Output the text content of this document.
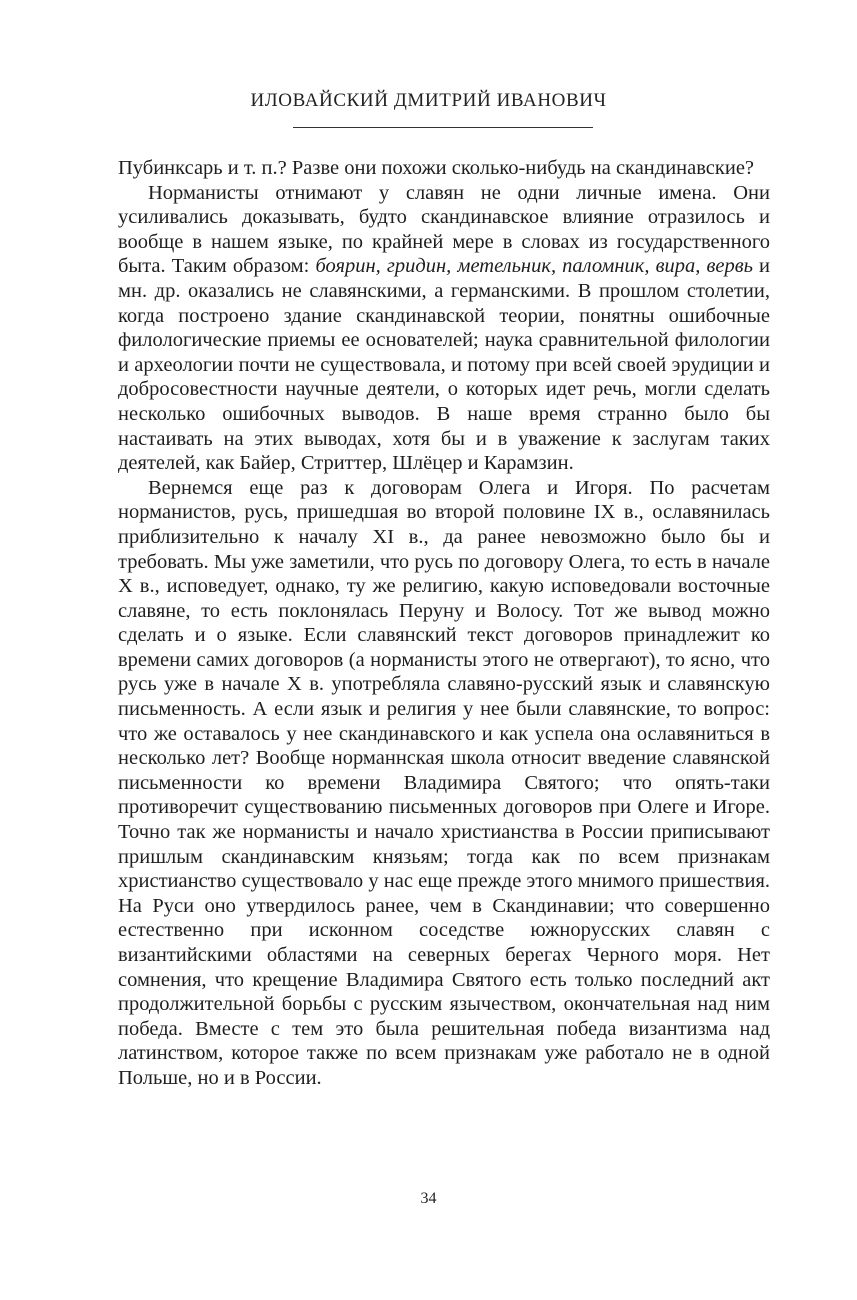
ИЛОВАЙСКИЙ ДМИТРИЙ ИВАНОВИЧ

Пубинксарь и т. п.? Разве они похожи сколько-нибудь на скандинавские?

Норманисты отнимают у славян не одни личные имена. Они усиливались доказывать, будто скандинавское влияние отразилось и вообще в нашем языке, по крайней мере в словах из государственного быта. Таким образом: боярин, гридин, метельник, паломник, вира, вервь и мн. др. оказались не славянскими, а германскими. В прошлом столетии, когда построено здание скандинавской теории, понятны ошибочные филологические приемы ее основателей; наука сравнительной филологии и археологии почти не существовала, и потому при всей своей эрудиции и добросовестности научные деятели, о которых идет речь, могли сделать несколько ошибочных выводов. В наше время странно было бы настаивать на этих выводах, хотя бы и в уважение к заслугам таких деятелей, как Байер, Стриттер, Шлёцер и Карамзин.

Вернемся еще раз к договорам Олега и Игоря. По расчетам норманистов, русь, пришедшая во второй половине IX в., ославянилась приблизительно к началу XI в., да ранее невозможно было бы и требовать. Мы уже заметили, что русь по договору Олега, то есть в начале X в., исповедует, однако, ту же религию, какую исповедовали восточные славяне, то есть поклонялась Перуну и Волосу. Тот же вывод можно сделать и о языке. Если славянский текст договоров принадлежит ко времени самих договоров (а норманисты этого не отвергают), то ясно, что русь уже в начале X в. употребляла славяно-русский язык и славянскую письменность. А если язык и религия у нее были славянские, то вопрос: что же оставалось у нее скандинавского и как успела она ославяниться в несколько лет? Вообще норманнская школа относит введение славянской письменности ко времени Владимира Святого; что опять-таки противоречит существованию письменных договоров при Олеге и Игоре. Точно так же норманисты и начало христианства в России приписывают пришлым скандинавским князьям; тогда как по всем признакам христианство существовало у нас еще прежде этого мнимого пришествия. На Руси оно утвердилось ранее, чем в Скандинавии; что совершенно естественно при исконном соседстве южнорусских славян с византийскими областями на северных берегах Черного моря. Нет сомнения, что крещение Владимира Святого есть только последний акт продолжительной борьбы с русским язычеством, окончательная над ним победа. Вместе с тем это была решительная победа византизма над латинством, которое также по всем признакам уже работало не в одной Польше, но и в России.

34
